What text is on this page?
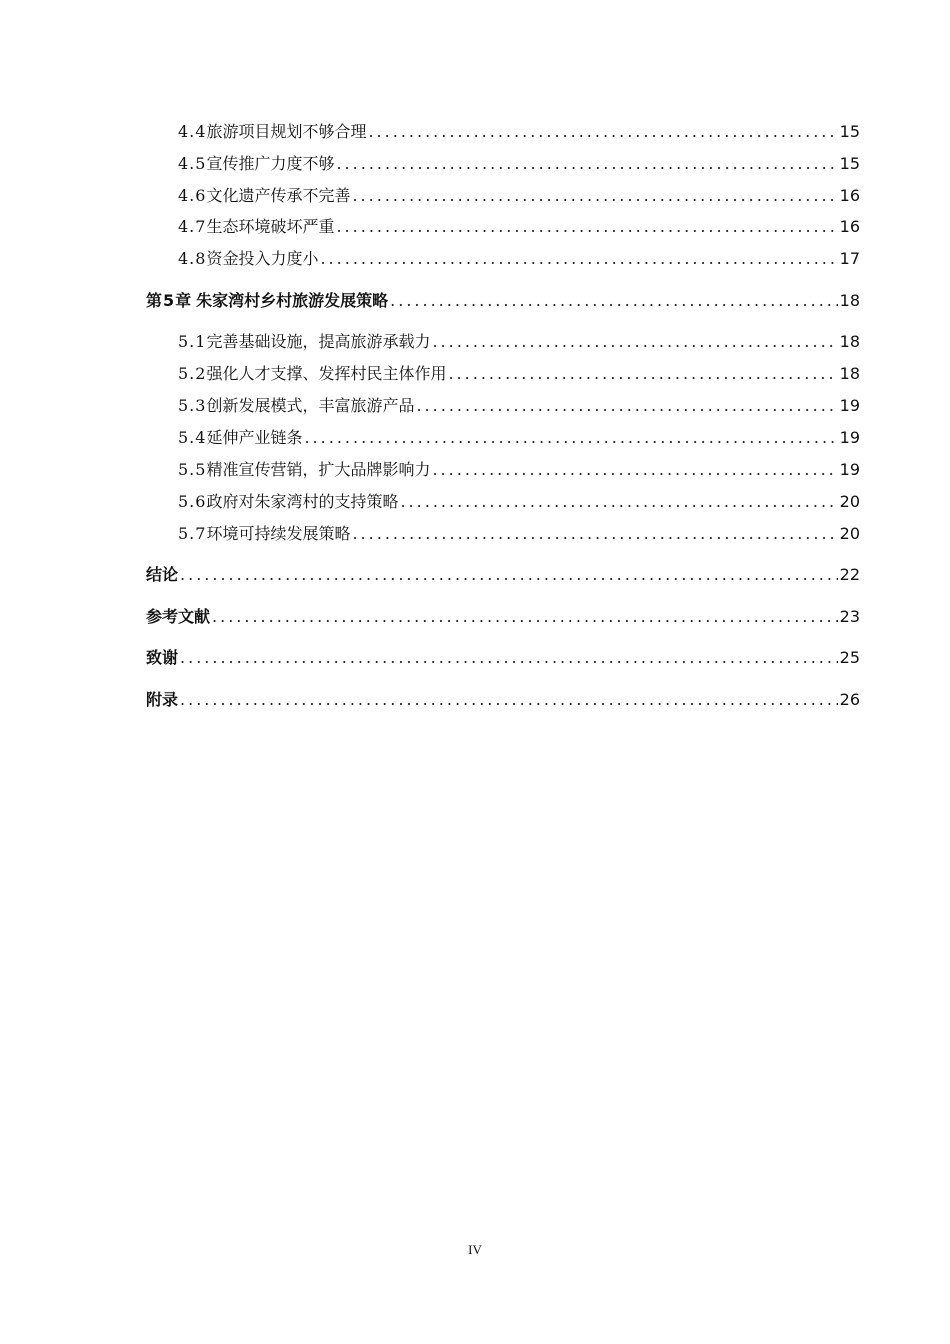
4.4 旅游项目规划不够合理 .....	15
4.5 宣传推广力度不够 .....	15
4.6 文化遗产传承不完善 .....	16
4.7 生态环境破坏严重 .....	16
4.8 资金投入力度小 .....	17
第5章 朱家湾村乡村旅游发展策略 .....	18
5.1 完善基础设施，提高旅游承载力 .....	18
5.2 强化人才支撑、发挥村民主体作用 .....	18
5.3 创新发展模式，丰富旅游产品 .....	19
5.4 延伸产业链条 .....	19
5.5 精准宣传营销，扩大品牌影响力 .....	19
5.6 政府对朱家湾村的支持策略 .....	20
5.7 环境可持续发展策略 .....	20
结论 .....	22
参考文献 .....	23
致谢 .....	25
附录 .....	26
IV
